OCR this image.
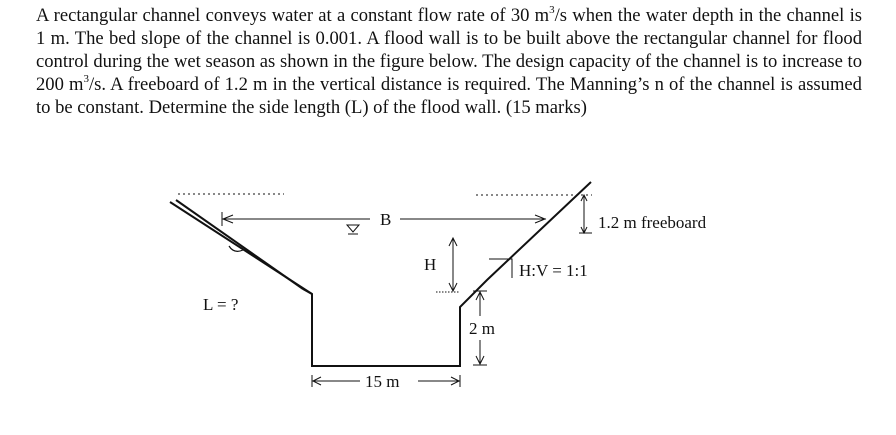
A rectangular channel conveys water at a constant flow rate of 30 $m^3/s$ when the water depth in the channel is 1 m. The bed slope of the channel is 0.001. A flood wall is to be built above the rectangular channel for flood control during the wet season as shown in the figure below. The design capacity of the channel is to increase to 200 $m^3/s$. A freeboard of 1.2 m in the vertical distance is required. The Manning’s n of the channel is assumed to be constant. Determine the side length (L) of the flood wall. (15 marks)
B
H
L = ?
2 m
15 m
1.2 m freeboard
H:V = 1:1
